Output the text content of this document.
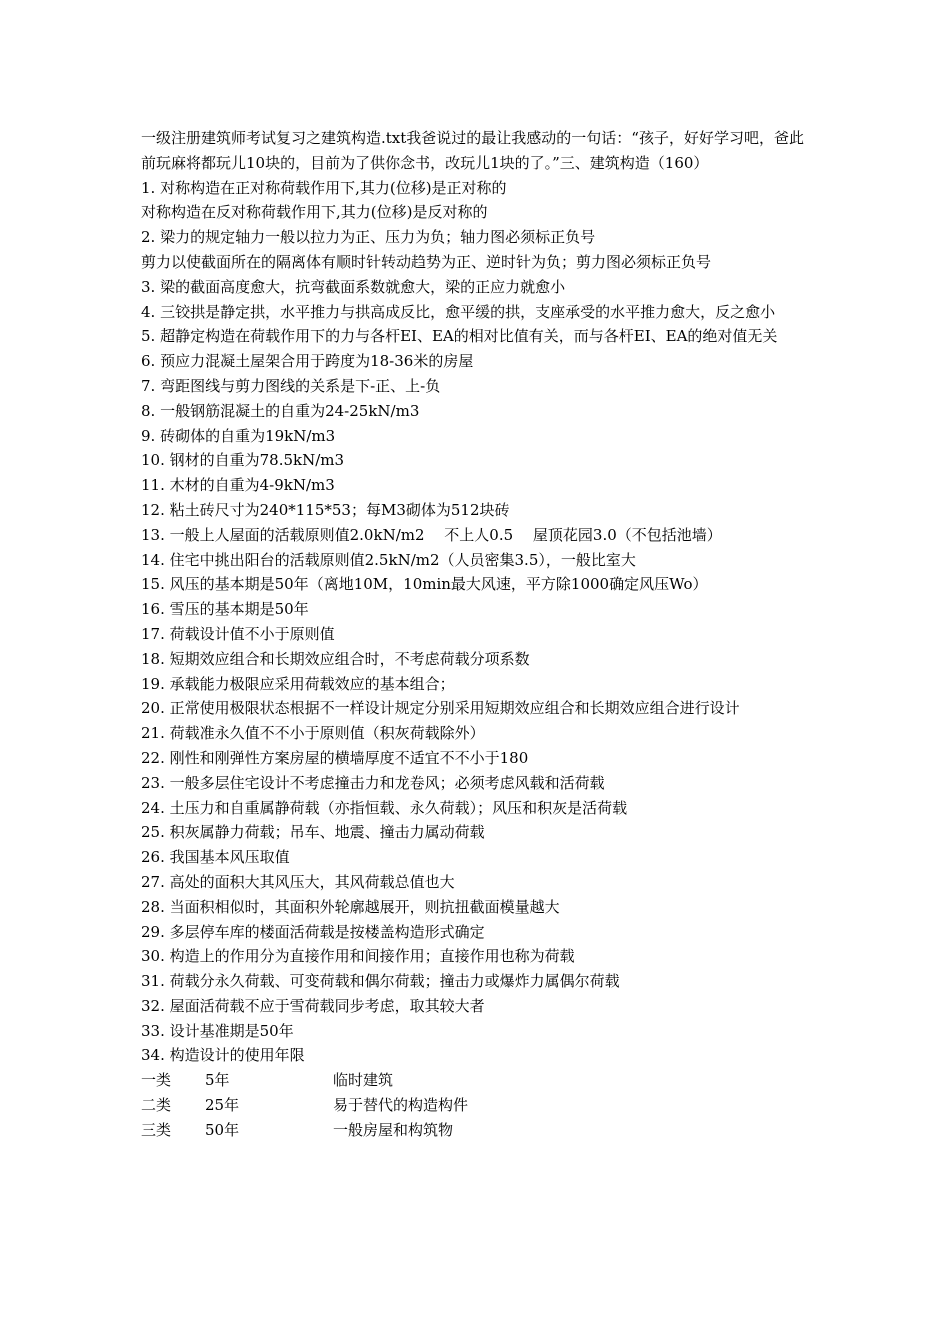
一级注册建筑师考试复习之建筑构造.txt我爸说过的最让我感动的一句话：“孩子，好好学习吧，爸此前玩麻将都玩儿10块的，目前为了供你念书，改玩儿1块的了。”三、建筑构造（160）
1. 对称构造在正对称荷载作用下,其力(位移)是正对称的
对称构造在反对称荷载作用下,其力(位移)是反对称的
2. 梁力的规定轴力一般以拉力为正、压力为负；轴力图必须标正负号
剪力以使截面所在的隔离体有顺时针转动趋势为正、逆时针为负；剪力图必须标正负号
3. 梁的截面高度愈大，抗弯截面系数就愈大，梁的正应力就愈小
4. 三铰拱是静定拱，水平推力与拱高成反比，愈平缓的拱，支座承受的水平推力愈大，反之愈小
5. 超静定构造在荷载作用下的力与各杆EI、EA的相对比值有关，而与各杆EI、EA的绝对值无关
6. 预应力混凝土屋架合用于跨度为18-36米的房屋
7. 弯距图线与剪力图线的关系是下-正、上-负
8. 一般钢筋混凝土的自重为24-25kN/m3
9. 砖砌体的自重为19kN/m3
10. 钢材的自重为78.5kN/m3
11. 木材的自重为4-9kN/m3
12. 粘土砖尺寸为240*115*53；每M3砌体为512块砖
13. 一般上人屋面的活载原则值2.0kN/m2　 不上人0.5　 屋顶花园3.0（不包括池墙）
14. 住宅中挑出阳台的活载原则值2.5kN/m2（人员密集3.5），一般比室大
15. 风压的基本期是50年（离地10M，10min最大风速，平方除1000确定风压Wo）
16. 雪压的基本期是50年
17. 荷载设计值不小于原则值
18. 短期效应组合和长期效应组合时，不考虑荷载分项系数
19. 承载能力极限应采用荷载效应的基本组合；
20. 正常使用极限状态根据不一样设计规定分别采用短期效应组合和长期效应组合进行设计
21. 荷载准永久值不不小于原则值（积灰荷载除外）
22. 刚性和刚弹性方案房屋的横墙厚度不适宜不不小于180
23. 一般多层住宅设计不考虑撞击力和龙卷风；必须考虑风载和活荷载
24. 土压力和自重属静荷载（亦指恒载、永久荷载）；风压和积灰是活荷载
25. 积灰属静力荷载；吊车、地震、撞击力属动荷载
26. 我国基本风压取值
27. 高处的面积大其风压大，其风荷载总值也大
28. 当面积相似时，其面积外轮廓越展开，则抗扭截面模量越大
29. 多层停车库的楼面活荷载是按楼盖构造形式确定
30. 构造上的作用分为直接作用和间接作用；直接作用也称为荷载
31. 荷载分永久荷载、可变荷载和偶尔荷载；撞击力或爆炸力属偶尔荷载
32. 屋面活荷载不应于雪荷载同步考虑，取其较大者
33. 设计基准期是50年
34. 构造设计的使用年限
一类	5年	临时建筑
二类	25年	易于替代的构造构件
三类	50年	一般房屋和构筑物
